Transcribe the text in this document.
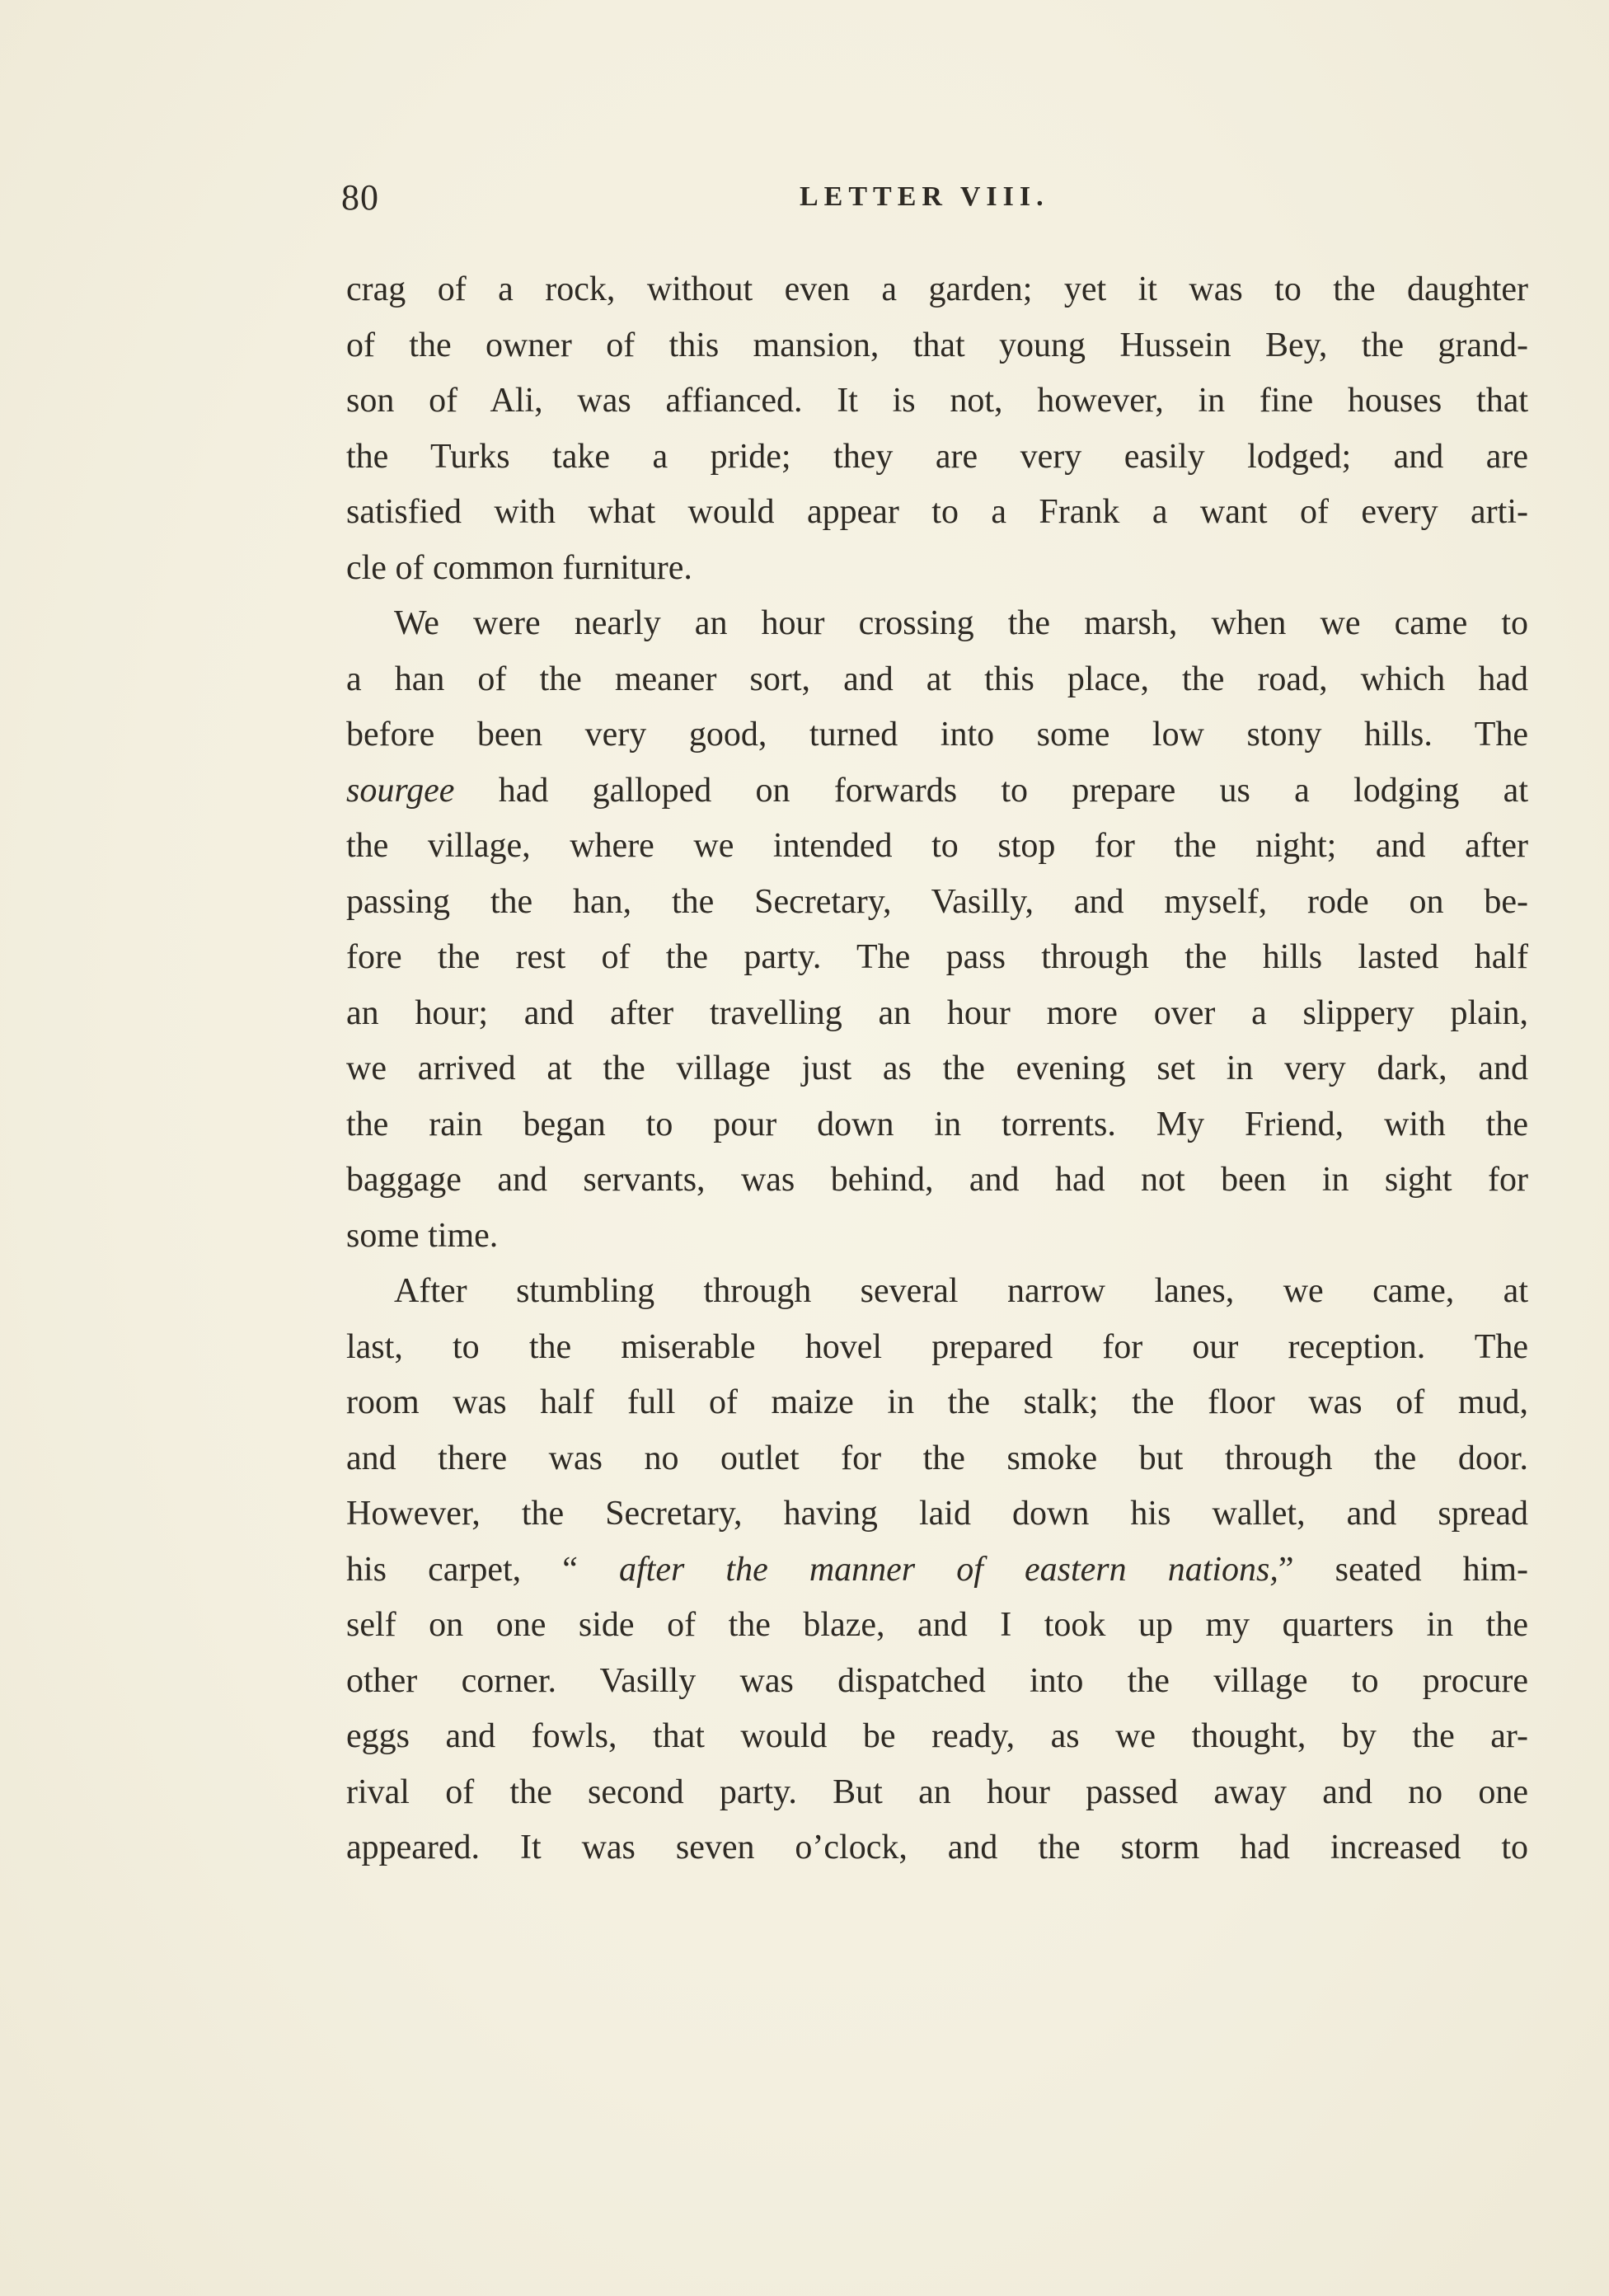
80	LETTER VIII.
crag of a rock, without even a garden; yet it was to the daughter
of the owner of this mansion, that young Hussein Bey, the grand-
son of Ali, was affianced. It is not, however, in fine houses that
the Turks take a pride; they are very easily lodged; and are
satisfied with what would appear to a Frank a want of every arti-
cle of common furniture.
We were nearly an hour crossing the marsh, when we came to
a han of the meaner sort, and at this place, the road, which had
before been very good, turned into some low stony hills. The
sourgee had galloped on forwards to prepare us a lodging at
the village, where we intended to stop for the night; and after
passing the han, the Secretary, Vasilly, and myself, rode on be-
fore the rest of the party. The pass through the hills lasted half
an hour; and after travelling an hour more over a slippery plain,
we arrived at the village just as the evening set in very dark, and
the rain began to pour down in torrents. My Friend, with the
baggage and servants, was behind, and had not been in sight for
some time.
After stumbling through several narrow lanes, we came, at
last, to the miserable hovel prepared for our reception. The
room was half full of maize in the stalk; the floor was of mud,
and there was no outlet for the smoke but through the door.
However, the Secretary, having laid down his wallet, and spread
his carpet, “ after the manner of eastern nations,” seated him-
self on one side of the blaze, and I took up my quarters in the
other corner. Vasilly was dispatched into the village to procure
eggs and fowls, that would be ready, as we thought, by the ar-
rival of the second party. But an hour passed away and no one
appeared. It was seven o’clock, and the storm had increased to
